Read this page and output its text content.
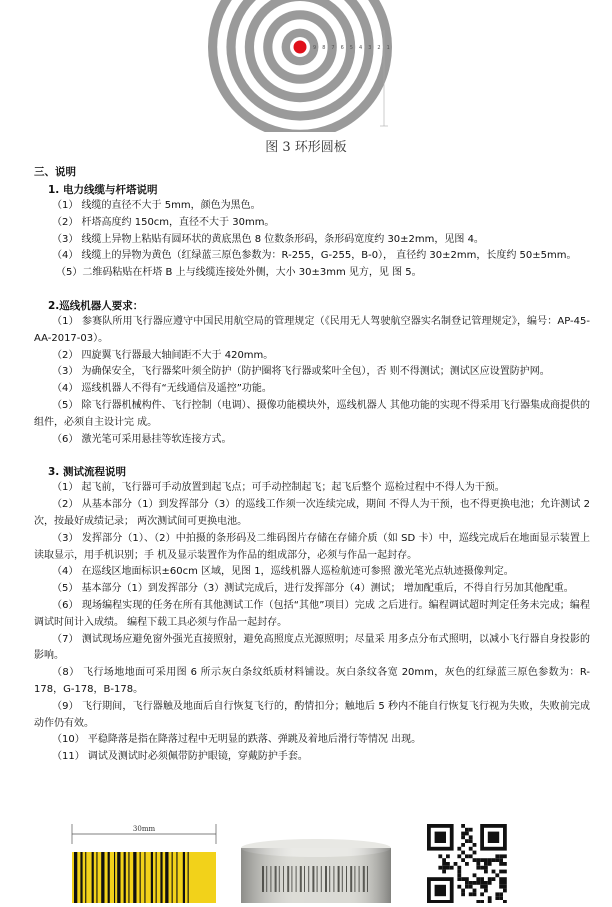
9 8 7 6 5 4 3 2 1
图 3 环形圆板
三、说明
1. 电力线缆与杆塔说明
（1） 线缆的直径不大于 5mm，颜色为黑色。
（2） 杆塔高度约 150cm，直径不大于 30mm。
（3） 线缆上异物上粘贴有圆环状的黄底黑色 8 位数条形码，条形码宽度约 30±2mm，见图 4。
（4） 线缆上的异物为黄色（红绿蓝三原色参数为：R-255，G-255，B-0）， 直径约 30±2mm，长度约 50±5mm。
（5）二维码粘贴在杆塔 B 上与线缆连接处外侧，大小 30±3mm 见方，见 图 5。
2.巡线机器人要求：
（1） 参赛队所用飞行器应遵守中国民用航空局的管理规定（《民用无人驾驶航空器实名制登记管理规定》，编号：AP-45-AA-2017-03）。
（2） 四旋翼飞行器最大轴间距不大于 420mm。
（3） 为确保安全，飞行器桨叶须全防护（防护圈将飞行器或桨叶全包），否 则不得测试；测试区应设置防护网。
（4） 巡线机器人不得有“无线通信及遥控”功能。
（5） 除飞行器机械构件、飞行控制（电调）、摄像功能模块外，巡线机器人 其他功能的实现不得采用飞行器集成商提供的组件，必须自主设计完 成。
（6） 激光笔可采用悬挂等软连接方式。
3. 测试流程说明
（1） 起飞前，飞行器可手动放置到起飞点；可手动控制起飞；起飞后整个 巡检过程中不得人为干预。
（2） 从基本部分（1）到发挥部分（3）的巡线工作须一次连续完成，期间 不得人为干预，也不得更换电池；允许测试 2 次，按最好成绩记录； 两次测试间可更换电池。
（3） 发挥部分（1）、（2）中拍摄的条形码及二维码图片存储在存储介质（如 SD 卡）中，巡线完成后在地面显示装置上读取显示，用手机识别；手 机及显示装置作为作品的组成部分，必须与作品一起封存。
（4） 在巡线区地面标识±60cm 区域，见图 1，巡线机器人巡检航迹可参照 激光笔光点轨迹摄像判定。
（5） 基本部分（1）到发挥部分（3）测试完成后，进行发挥部分（4）测试； 增加配重后，不得自行另加其他配重。
（6） 现场编程实现的任务在所有其他测试工作（包括“其他”项目）完成 之后进行。编程调试超时判定任务未完成；编程调试时间计入成绩。 编程下载工具必须与作品一起封存。
（7） 测试现场应避免窗外强光直接照射，避免高照度点光源照明；尽量采 用多点分布式照明，以减小飞行器自身投影的影响。
（8） 飞行场地地面可采用图 6 所示灰白条纹纸质材料铺设。灰白条纹各宽 20mm，灰色的红绿蓝三原色参数为：R-178，G-178，B-178。
（9） 飞行期间，飞行器触及地面后自行恢复飞行的，酌情扣分；触地后 5 秒内不能自行恢复飞行视为失败，失败前完成动作仍有效。
（10） 平稳降落是指在降落过程中无明显的跌落、弹跳及着地后滑行等情况 出现。
（11） 调试及测试时必须佩带防护眼镜，穿戴防护手套。
30mm
